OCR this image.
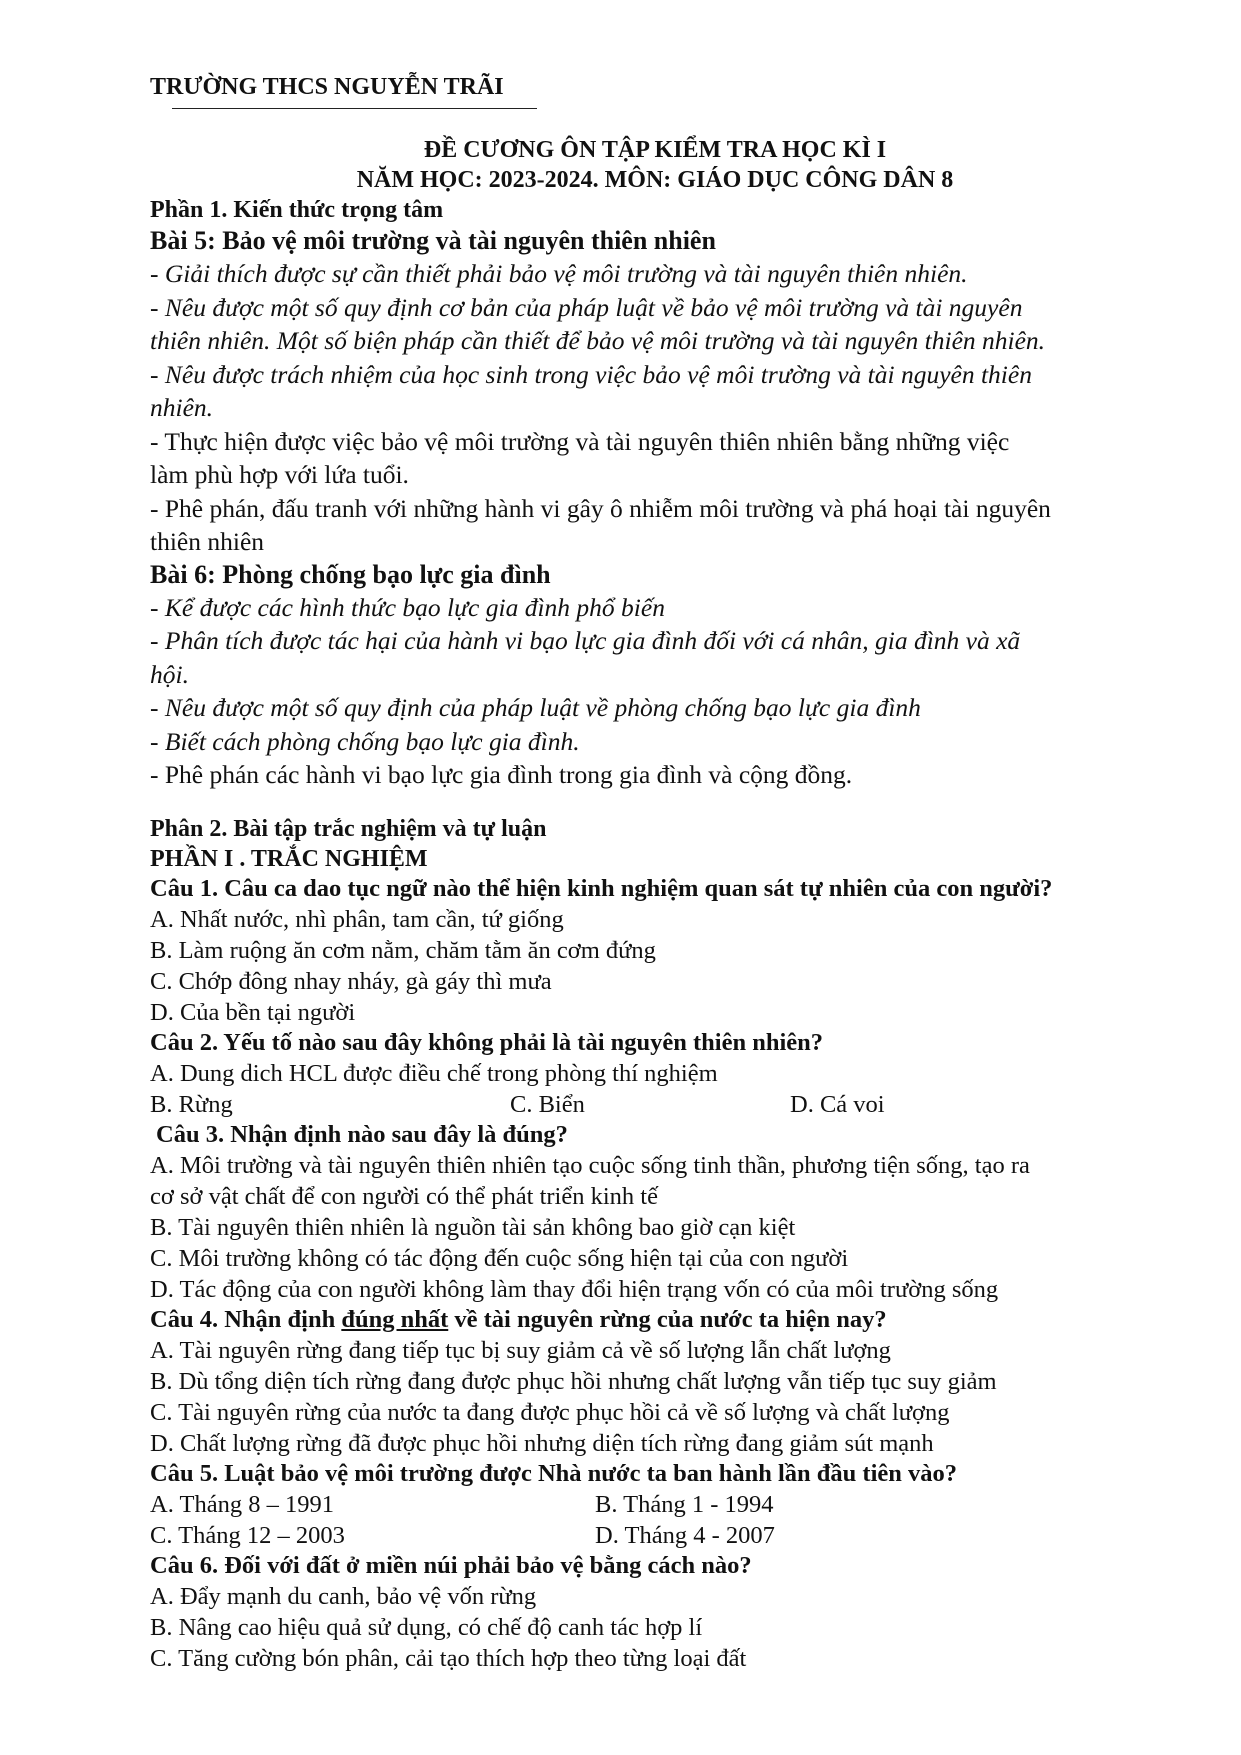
TRƯỜNG THCS NGUYỄN TRÃI
ĐỀ CƯƠNG ÔN TẬP KIỂM TRA HỌC KÌ I
NĂM HỌC: 2023-2024. MÔN: GIÁO DỤC CÔNG DÂN 8
Phần 1. Kiến thức trọng tâm
Bài 5: Bảo vệ môi trường và tài nguyên thiên nhiên
- Giải thích được sự cần thiết phải bảo vệ môi trường và tài nguyên thiên nhiên.
- Nêu được một số quy định cơ bản của pháp luật về bảo vệ môi trường và tài nguyên
thiên nhiên. Một số biện pháp cần thiết để bảo vệ môi trường và tài nguyên thiên nhiên.
- Nêu được trách nhiệm của học sinh trong việc bảo vệ môi trường và tài nguyên thiên
nhiên.
- Thực hiện được việc bảo vệ môi trường và tài nguyên thiên nhiên bằng những việc
làm phù hợp với lứa tuổi.
- Phê phán, đấu tranh với những hành vi gây ô nhiễm môi trường và phá hoại tài nguyên
thiên nhiên
Bài 6: Phòng chống bạo lực gia đình
- Kể được các hình thức bạo lực gia đình phổ biến
- Phân tích được tác hại của hành vi bạo lực gia đình đối với cá nhân, gia đình và xã
hội.
- Nêu được một số quy định của pháp luật về phòng chống bạo lực gia đình
- Biết cách phòng chống bạo lực gia đình.
- Phê phán các hành vi bạo lực gia đình trong gia đình và cộng đồng.
Phân 2. Bài tập trắc nghiệm và tự luận
PHẦN I . TRẮC NGHIỆM
Câu 1. Câu ca dao tục ngữ nào thể hiện kinh nghiệm quan sát tự nhiên của con người?
A. Nhất nước, nhì phân, tam cần, tứ giống
B. Làm ruộng ăn cơm nằm, chăm tằm ăn cơm đứng
C. Chớp đông nhay nháy, gà gáy thì mưa
D. Của bền tại người
Câu 2. Yếu tố nào sau đây không phải là tài nguyên thiên nhiên?
A. Dung dich HCL được điều chế trong phòng thí nghiệm
B. Rừng	C. Biển	D. Cá voi
Câu 3. Nhận định nào sau đây là đúng?
A. Môi trường và tài nguyên thiên nhiên tạo cuộc sống tinh thần, phương tiện sống, tạo ra
cơ sở vật chất để con người có thể phát triển kinh tế
B. Tài nguyên thiên nhiên là nguồn tài sản không bao giờ cạn kiệt
C. Môi trường không có tác động đến cuộc sống hiện tại của con người
D. Tác động của con người không làm thay đổi hiện trạng vốn có của môi trường sống
Câu 4. Nhận định đúng nhất về tài nguyên rừng của nước ta hiện nay?
A. Tài nguyên rừng đang tiếp tục bị suy giảm cả về số lượng lẫn chất lượng
B. Dù tổng diện tích rừng đang được phục hồi nhưng chất lượng vẫn tiếp tục suy giảm
C. Tài nguyên rừng của nước ta đang được phục hồi cả về số lượng và chất lượng
D. Chất lượng rừng đã được phục hồi nhưng diện tích rừng đang giảm sút mạnh
Câu 5. Luật bảo vệ môi trường được Nhà nước ta ban hành lần đầu tiên vào?
A. Tháng 8 – 1991	B. Tháng 1 - 1994
C. Tháng 12 – 2003	D. Tháng 4 - 2007
Câu 6. Đối với đất ở miền núi phải bảo vệ bằng cách nào?
A. Đẩy mạnh du canh, bảo vệ vốn rừng
B. Nâng cao hiệu quả sử dụng, có chế độ canh tác hợp lí
C. Tăng cường bón phân, cải tạo thích hợp theo từng loại đất
